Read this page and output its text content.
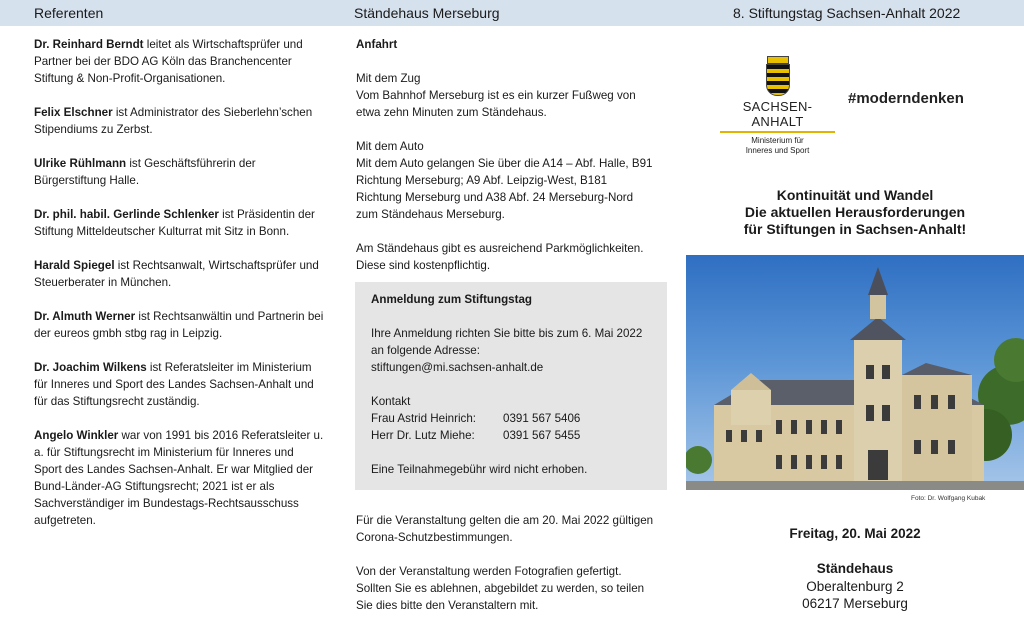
Referenten	Ständehaus Merseburg	8. Stiftungstag Sachsen-Anhalt 2022

Dr. Reinhard Berndt leitet als Wirtschaftsprüfer und Partner bei der BDO AG Köln das Branchencenter Stiftung & Non-Profit-Organisationen.

Felix Elschner ist Administrator des Sieberlehn’schen Stipendiums zu Zerbst.

Ulrike Rühlmann ist Geschäftsführerin der Bürgerstiftung Halle.

Dr. phil. habil. Gerlinde Schlenker ist Präsidentin der Stiftung Mitteldeutscher Kulturrat mit Sitz in Bonn.

Harald Spiegel ist Rechtsanwalt, Wirtschaftsprüfer und Steuerberater in München.

Dr. Almuth Werner ist Rechtsanwältin und Partnerin bei der eureos gmbh stbg rag in Leipzig.

Dr. Joachim Wilkens ist Referatsleiter im Ministerium für Inneres und Sport des Landes Sachsen-Anhalt und für das Stiftungsrecht zuständig.

Angelo Winkler war von 1991 bis 2016 Referatsleiter u. a. für Stiftungsrecht im Ministerium für Inneres und Sport des Landes Sachsen-Anhalt. Er war Mitglied der Bund-Länder-AG Stiftungsrecht; 2021 ist er als Sachverständiger im Bundestags-Rechtsausschuss aufgetreten.

Anfahrt

Mit dem Zug
Vom Bahnhof Merseburg ist es ein kurzer Fußweg von etwa zehn Minuten zum Ständehaus.

Mit dem Auto
Mit dem Auto gelangen Sie über die A14 – Abf. Halle, B91 Richtung Merseburg; A9 Abf. Leipzig-West, B181 Richtung Merseburg und A38 Abf. 24 Merseburg-Nord zum Ständehaus Merseburg.

Am Ständehaus gibt es ausreichend Parkmöglichkeiten. Diese sind kostenpflichtig.

Anmeldung zum Stiftungstag

Ihre Anmeldung richten Sie bitte bis zum 6. Mai 2022 an folgende Adresse:
stiftungen@mi.sachsen-anhalt.de

Kontakt

Frau Astrid Heinrich:	0391 567 5406
Herr Dr. Lutz Miehe:	0391 567 5455

Eine Teilnahmegebühr wird nicht erhoben.

Für die Veranstaltung gelten die am 20. Mai 2022 gültigen Corona-Schutzbestimmungen.

Von der Veranstaltung werden Fotografien gefertigt. Sollten Sie es ablehnen, abgebildet zu werden, so teilen Sie dies bitte den Veranstaltern mit.

SACHSEN-ANHALT
Ministerium für
Inneres und Sport
#moderndenken
Kontinuität und Wandel
Die aktuellen Herausforderungen
für Stiftungen in Sachsen-Anhalt!
Foto: Dr. Wolfgang Kubak
Freitag, 20. Mai 2022
Ständehaus
Oberaltenburg 2
06217 Merseburg
